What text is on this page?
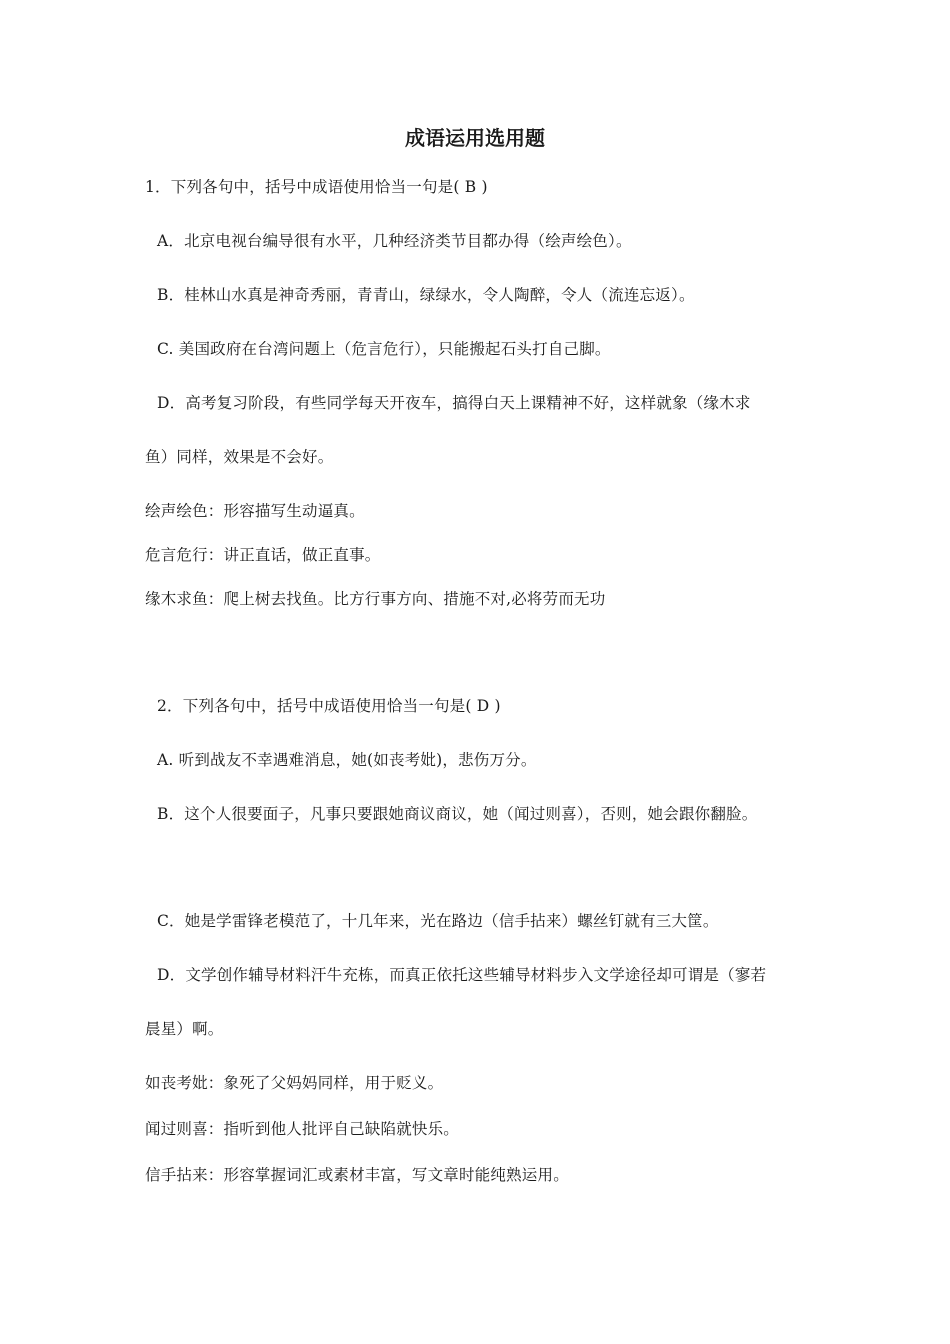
成语运用选用题

1．下列各句中，括号中成语使用恰当一句是( B )

A．北京电视台编导很有水平，几种经济类节目都办得（绘声绘色）。

B．桂林山水真是神奇秀丽，青青山，绿绿水，令人陶醉，令人（流连忘返）。

C. 美国政府在台湾问题上（危言危行），只能搬起石头打自己脚。

D．高考复习阶段，有些同学每天开夜车，搞得白天上课精神不好，这样就象（缘木求

鱼）同样，效果是不会好。

绘声绘色：形容描写生动逼真。

危言危行：讲正直话，做正直事。

缘木求鱼：爬上树去找鱼。比方行事方向、措施不对,必将劳而无功

2．下列各句中，括号中成语使用恰当一句是( D )

A. 听到战友不幸遇难消息，她(如丧考妣)，悲伤万分。

B．这个人很要面子，凡事只要跟她商议商议，她（闻过则喜），否则，她会跟你翻脸。

C．她是学雷锋老模范了，十几年来，光在路边（信手拈来）螺丝钉就有三大筐。

D．文学创作辅导材料汗牛充栋，而真正依托这些辅导材料步入文学途径却可谓是（寥若

晨星）啊。

如丧考妣：象死了父妈妈同样，用于贬义。

闻过则喜：指听到他人批评自己缺陷就快乐。

信手拈来：形容掌握词汇或素材丰富，写文章时能纯熟运用。
